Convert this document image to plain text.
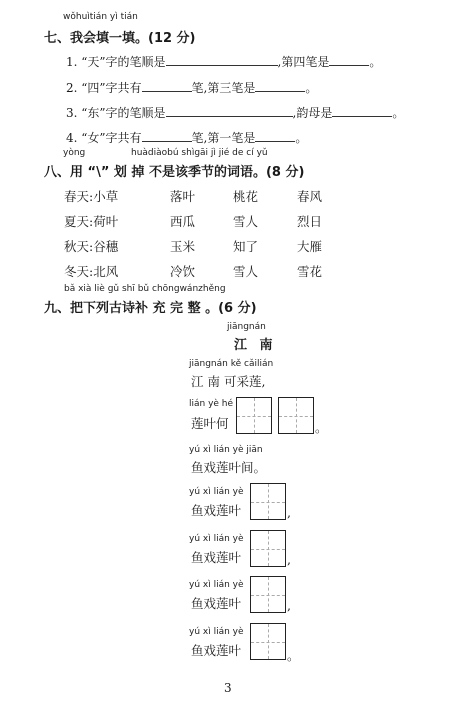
wǒhuìtián yì tián
七、我会填一填。(12 分)
1. “天”字的笔顺是	,第四笔是	。
2. “四”字共有	笔,第三笔是	。
3. “东”字的笔顺是	,韵母是	。
4. “女”字共有	笔,第一笔是	。
yòng	huàdiàobú shìgāi jì jié de cí yǔ
八、用 “\” 划 掉 不是该季节的词语。(8 分)
春天:小草	落叶	桃花	春风
夏天:荷叶	西瓜	雪人	烈日
秋天:谷穗	玉米	知了	大雁
冬天:北风	冷饮	雪人	雪花
bǎ xià liè gǔ shī bǔ chōngwánzhěng
九、把下列古诗补 充 完 整 。(6 分)
jiāngnán
江 南
jiāngnán kě cǎilián
江 南 可采莲,
lián yè hé
莲叶何	。
yú xì lián yè jiān
鱼戏莲叶间。
yú xì lián yè
鱼戏莲叶	,
yú xì lián yè
鱼戏莲叶	,
yú xì lián yè
鱼戏莲叶	,
yú xì lián yè
鱼戏莲叶	。
3
